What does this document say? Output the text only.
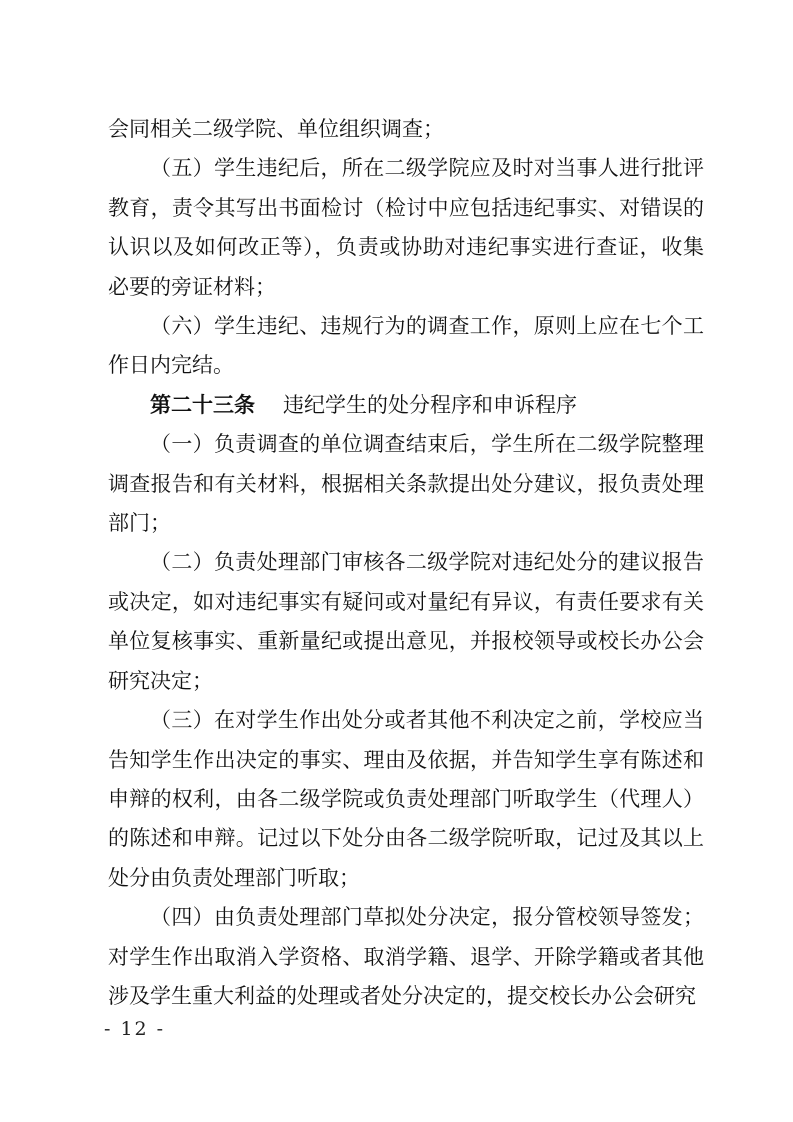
会同相关二级学院、单位组织调查；

（五）学生违纪后，所在二级学院应及时对当事人进行批评教育，责令其写出书面检讨（检讨中应包括违纪事实、对错误的认识以及如何改正等），负责或协助对违纪事实进行查证，收集必要的旁证材料；

（六）学生违纪、违规行为的调查工作，原则上应在七个工作日内完结。

第二十三条 违纪学生的处分程序和申诉程序

（一）负责调查的单位调查结束后，学生所在二级学院整理调查报告和有关材料，根据相关条款提出处分建议，报负责处理部门；

（二）负责处理部门审核各二级学院对违纪处分的建议报告或决定，如对违纪事实有疑问或对量纪有异议，有责任要求有关单位复核事实、重新量纪或提出意见，并报校领导或校长办公会研究决定；

（三）在对学生作出处分或者其他不利决定之前，学校应当告知学生作出决定的事实、理由及依据，并告知学生享有陈述和申辩的权利，由各二级学院或负责处理部门听取学生（代理人）的陈述和申辩。记过以下处分由各二级学院听取，记过及其以上处分由负责处理部门听取；

（四）由负责处理部门草拟处分决定，报分管校领导签发；对学生作出取消入学资格、取消学籍、退学、开除学籍或者其他涉及学生重大利益的处理或者处分决定的，提交校长办公会研究

- 12 -
